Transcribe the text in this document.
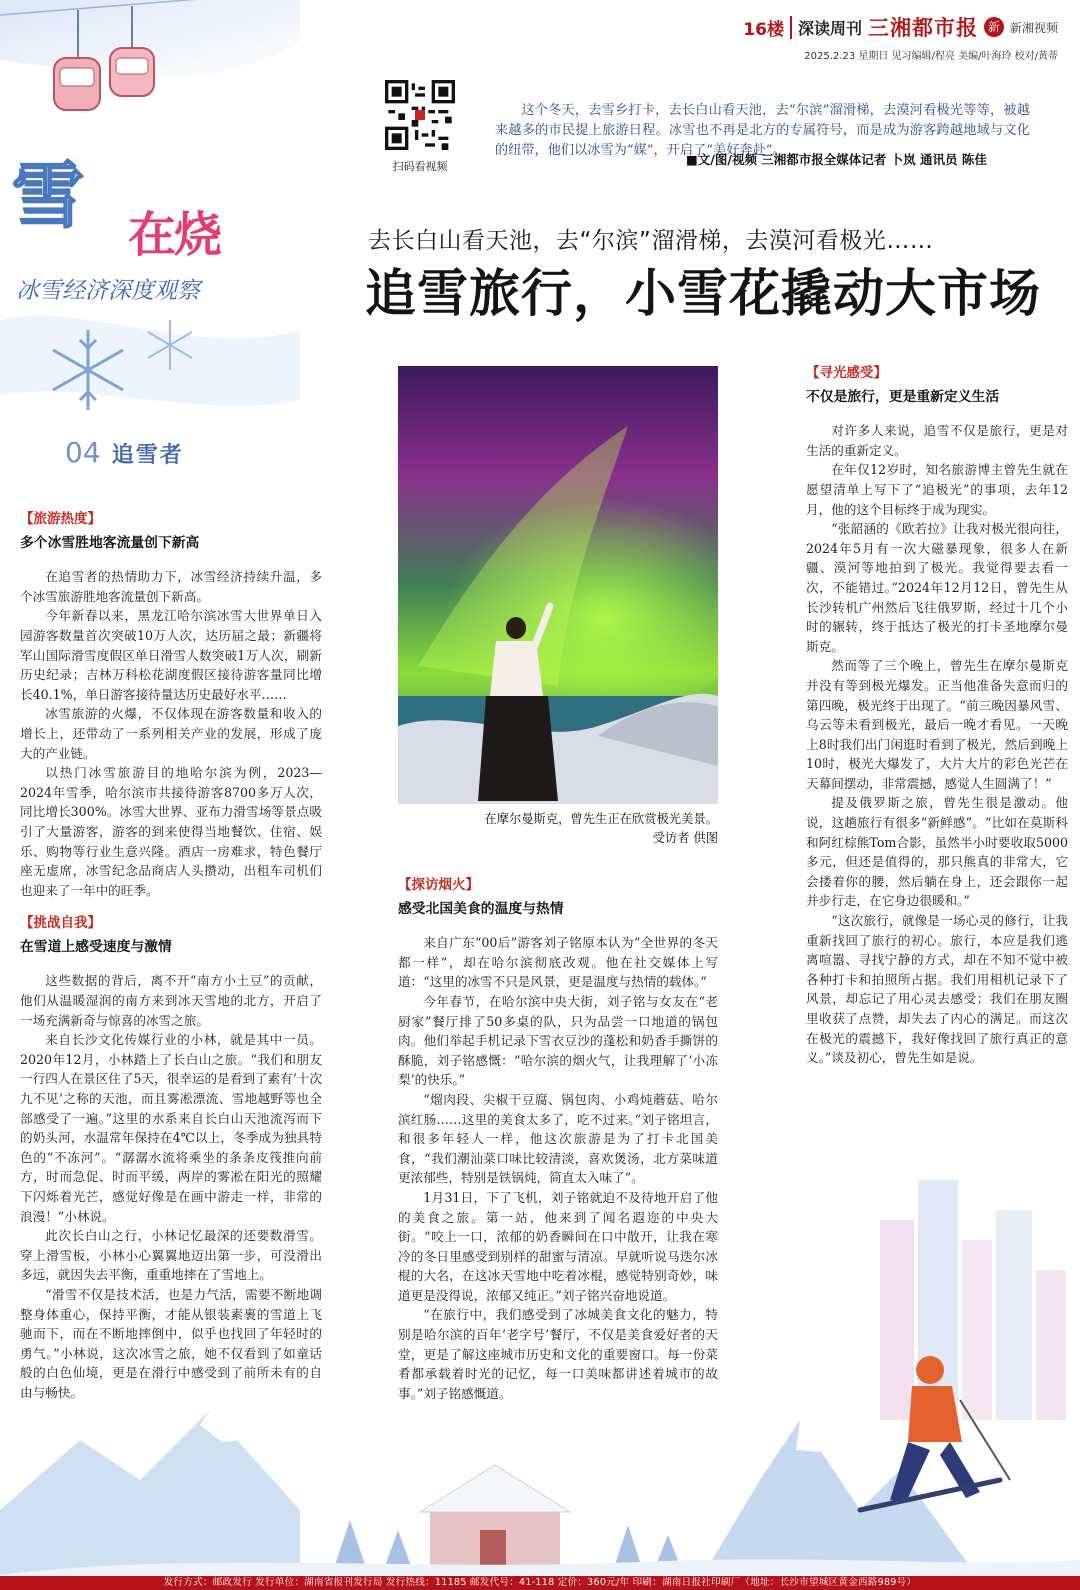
雪 在烧
冰雪经济深度观察
04 追雪者
16楼 深读周刊 三湘都市报 新 新湘视频
2025.2.23 星期日 见习编辑/程亮 美编/叶海玲 校对/黄蒂
扫码看视频

这个冬天，去雪乡打卡，去长白山看天池，去“尔滨”溜滑梯，去漠河看极光等等，被越来越多的市民提上旅游日程。冰雪也不再是北方的专属符号，而是成为游客跨越地域与文化的纽带，他们以冰雪为“媒”，开启了“美好奔赴”。

■文/图/视频 三湘都市报全媒体记者 卜岚 通讯员 陈佳
去长白山看天池，去“尔滨”溜滑梯，去漠河看极光……
追雪旅行，小雪花撬动大市场
【旅游热度】
多个冰雪胜地客流量创下新高

在追雪者的热情助力下，冰雪经济持续升温，多个冰雪旅游胜地客流量创下新高。

今年新春以来，黑龙江哈尔滨冰雪大世界单日入园游客数量首次突破10万人次，达历届之最；新疆将军山国际滑雪度假区单日滑雪人数突破1万人次，刷新历史纪录；吉林万科松花湖度假区接待游客量同比增长40.1%，单日游客接待量达历史最好水平……

冰雪旅游的火爆，不仅体现在游客数量和收入的增长上，还带动了一系列相关产业的发展，形成了庞大的产业链。

以热门冰雪旅游目的地哈尔滨为例，2023—2024年雪季，哈尔滨市共接待游客8700多万人次，同比增长300%。冰雪大世界、亚布力滑雪场等景点吸引了大量游客，游客的到来使得当地餐饮、住宿、娱乐、购物等行业生意兴隆。酒店一房难求，特色餐厅座无虚席，冰雪纪念品商店人头攒动，出租车司机们也迎来了一年中的旺季。

【挑战自我】
在雪道上感受速度与激情

这些数据的背后，离不开“南方小土豆”的贡献，他们从温暖湿润的南方来到冰天雪地的北方，开启了一场充满新奇与惊喜的冰雪之旅。

来自长沙文化传媒行业的小林，就是其中一员。2020年12月，小林踏上了长白山之旅。“我们和朋友一行四人在景区住了5天，很幸运的是看到了素有‘十次九不见’之称的天池，而且雾凇漂流、雪地越野等也全部感受了一遍。”这里的水系来自长白山天池流泻而下的奶头河，水温常年保持在4℃以上，冬季成为独具特色的“不冻河”。“潺潺水流将乘坐的条条皮筏推向前方，时而急促、时而平缓，两岸的雾凇在阳光的照耀下闪烁着光芒，感觉好像是在画中游走一样，非常的浪漫！”小林说。

此次长白山之行，小林记忆最深的还要数滑雪。穿上滑雪板，小林小心翼翼地迈出第一步，可没滑出多远，就因失去平衡，重重地摔在了雪地上。

“滑雪不仅是技术活，也是力气活，需要不断地调整身体重心，保持平衡，才能从银装素裹的雪道上飞驰而下，而在不断地摔倒中，似乎也找回了年轻时的勇气。”小林说，这次冰雪之旅，她不仅看到了如童话般的白色仙境，更是在滑行中感受到了前所未有的自由与畅快。

在摩尔曼斯克，曾先生正在欣赏极光美景。
受访者 供图
【探访烟火】
感受北国美食的温度与热情

来自广东“00后”游客刘子铭原本认为“全世界的冬天都一样”，却在哈尔滨彻底改观。他在社交媒体上写道：“这里的冰雪不只是风景，更是温度与热情的载体。”

今年春节，在哈尔滨中央大街，刘子铭与女友在“老厨家”餐厅排了50多桌的队，只为品尝一口地道的锅包肉。他们举起手机记录下雪衣豆沙的蓬松和奶香手撕饼的酥脆，刘子铭感慨：“哈尔滨的烟火气，让我理解了‘小冻梨’的快乐。”

“熘肉段、尖椒干豆腐、锅包肉、小鸡炖蘑菇、哈尔滨红肠……这里的美食太多了，吃不过来。”刘子铭坦言，和很多年轻人一样，他这次旅游是为了打卡北国美食，“我们潮汕菜口味比较清淡，喜欢煲汤，北方菜味道更浓郁些，特别是铁锅炖，简直太入味了”。

1月31日，下了飞机，刘子铭就迫不及待地开启了他的美食之旅。第一站，他来到了闻名遐迩的中央大街。“咬上一口，浓郁的奶香瞬间在口中散开，让我在寒冷的冬日里感受到别样的甜蜜与清凉。早就听说马迭尔冰棍的大名，在这冰天雪地中吃着冰棍，感觉特别奇妙，味道更是没得说，浓郁又纯正。”刘子铭兴奋地说道。

“在旅行中，我们感受到了冰城美食文化的魅力，特别是哈尔滨的百年‘老字号’餐厅，不仅是美食爱好者的天堂，更是了解这座城市历史和文化的重要窗口。每一份菜肴都承载着时光的记忆，每一口美味都讲述着城市的故事。”刘子铭感慨道。

【寻光感受】
不仅是旅行，更是重新定义生活

对许多人来说，追雪不仅是旅行，更是对生活的重新定义。

在年仅12岁时，知名旅游博主曾先生就在愿望清单上写下了“追极光”的事项，去年12月，他的这个目标终于成为现实。

“张韶涵的《欧若拉》让我对极光很向往，2024年5月有一次大磁暴现象，很多人在新疆、漠河等地拍到了极光。我觉得要去看一次，不能错过。”2024年12月12日，曾先生从长沙转机广州然后飞往俄罗斯，经过十几个小时的辗转，终于抵达了极光的打卡圣地摩尔曼斯克。

然而等了三个晚上，曾先生在摩尔曼斯克并没有等到极光爆发。正当他准备失意而归的第四晚，极光终于出现了。“前三晚因暴风雪、乌云等未看到极光，最后一晚才看见。一天晚上8时我们出门闲逛时看到了极光，然后到晚上10时，极光大爆发了，大片大片的彩色光芒在天幕间摆动，非常震撼，感觉人生圆满了！”

提及俄罗斯之旅，曾先生很是激动。他说，这趟旅行有很多“新鲜感”。“比如在莫斯科和阿红棕熊Tom合影，虽然半小时要收取5000多元，但还是值得的，那只熊真的非常大，它会搂着你的腰，然后躺在身上，还会跟你一起并步行走，在它身边很暖和。”

“这次旅行，就像是一场心灵的修行，让我重新找回了旅行的初心。旅行，本应是我们逃离喧嚣、寻找宁静的方式，却在不知不觉中被各种打卡和拍照所占据。我们用相机记录下了风景，却忘记了用心灵去感受；我们在朋友圈里收获了点赞，却失去了内心的满足。而这次在极光的震撼下，我好像找回了旅行真正的意义。”谈及初心，曾先生如是说。

发行方式：邮政发行 发行单位：湖南省报刊发行局 发行热线：11185 邮发代号：41-118 定价：360元/年 印刷：湖南日报社印刷厂（地址：长沙市望城区黄金西路989号）
